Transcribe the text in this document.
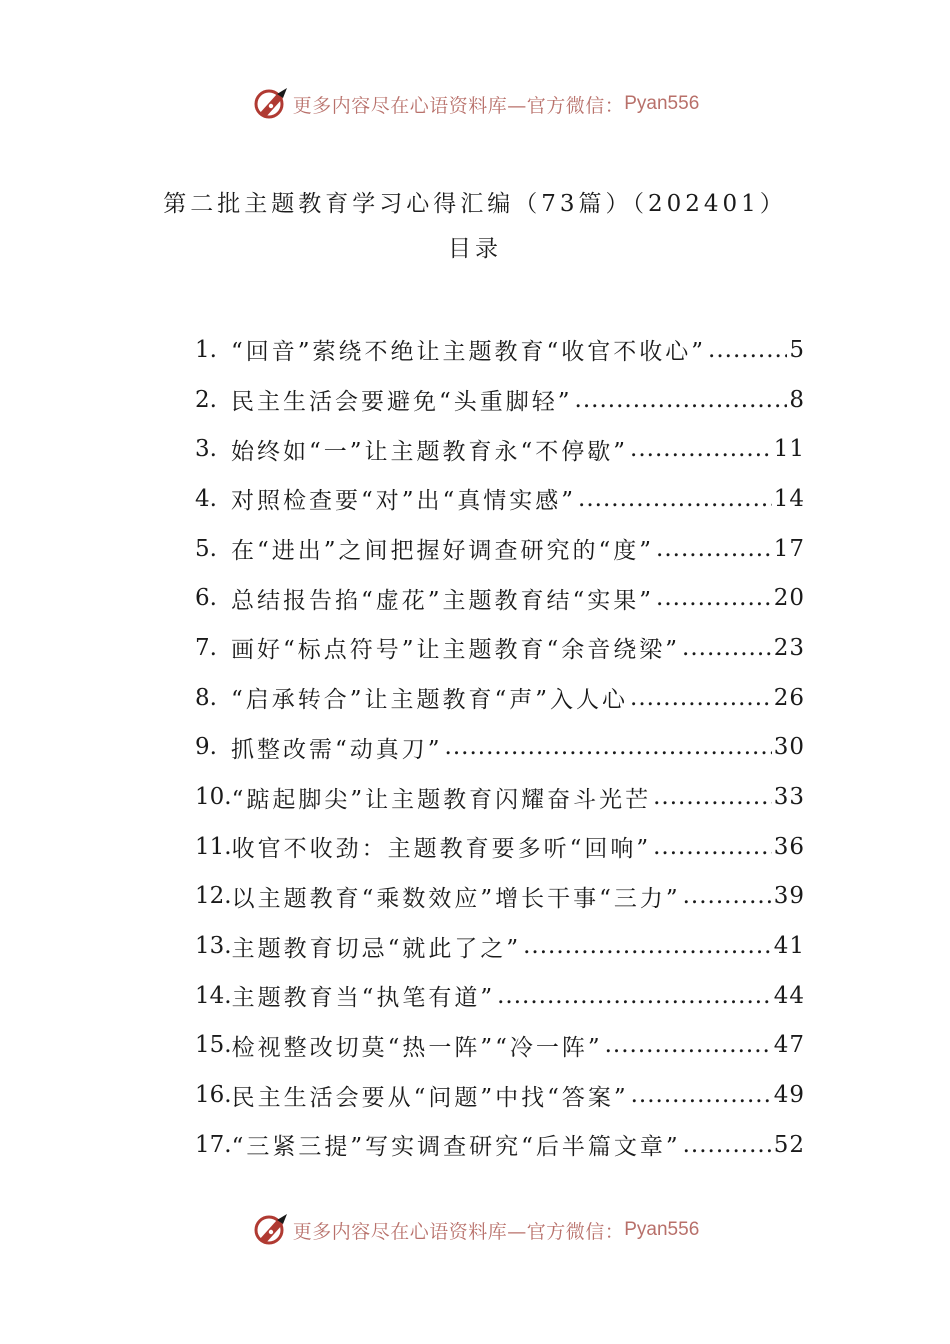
更多内容尽在心语资料库—官方微信： Pyan556
第二批主题教育学习心得汇编（73篇）（202401）
目录
1. “回音”萦绕不绝让主题教育“收官不收心” .....	5
2. 民主生活会要避免“头重脚轻” .....	8
3. 始终如“一”让主题教育永“不停歇” .....	11
4. 对照检查要“对”出“真情实感” .....	14
5. 在“进出”之间把握好调查研究的“度” .....	17
6. 总结报告掐“虚花”主题教育结“实果” .....	20
7. 画好“标点符号”让主题教育“余音绕梁” .....	23
8. “启承转合”让主题教育“声”入人心 .....	26
9. 抓整改需“动真刀” .....	30
10. “踮起脚尖”让主题教育闪耀奋斗光芒 .....	33
11. 收官不收劲：主题教育要多听“回响” .....	36
12. 以主题教育“乘数效应”增长干事“三力” .....	39
13. 主题教育切忌“就此了之” .....	41
14. 主题教育当“执笔有道” .....	44
15. 检视整改切莫“热一阵”“冷一阵” .....	47
16. 民主生活会要从“问题”中找“答案” .....	49
17. “三紧三提”写实调查研究“后半篇文章” .....	52
更多内容尽在心语资料库—官方微信： Pyan556
